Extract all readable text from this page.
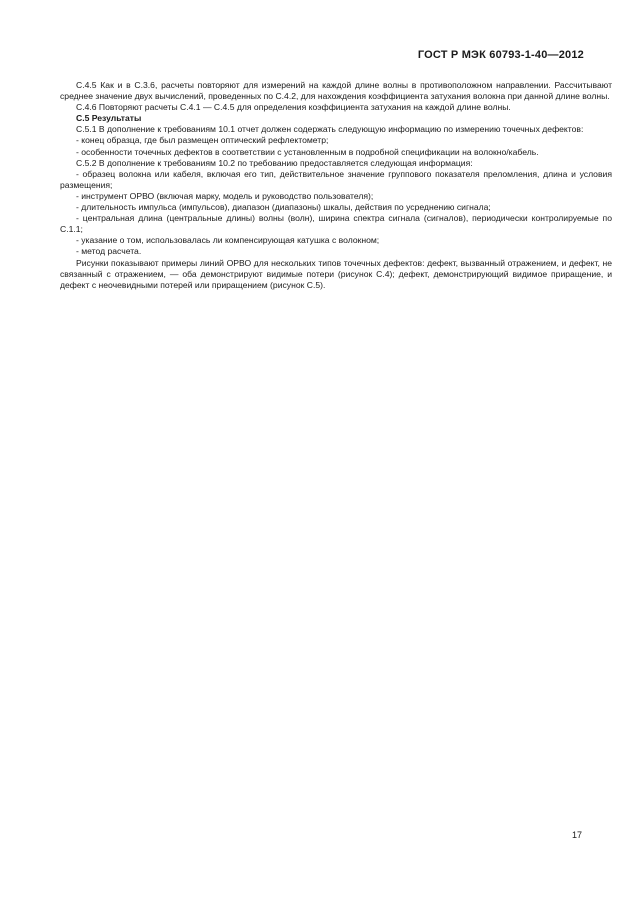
ГОСТ Р МЭК 60793-1-40—2012

С.4.5 Как и в С.3.6, расчеты повторяют для измерений на каждой длине волны в противоположном направлении. Рассчитывают среднее значение двух вычислений, проведенных по С.4.2, для нахождения коэффициента затухания волокна при данной длине волны.

С.4.6 Повторяют расчеты С.4.1 — С.4.5 для определения коэффициента затухания на каждой длине волны.

С.5 Результаты

С.5.1 В дополнение к требованиям 10.1 отчет должен содержать следующую информацию по измерению точечных дефектов:

- конец образца, где был размещен оптический рефлектометр;

- особенности точечных дефектов в соответствии с установленным в подробной спецификации на волокно/кабель.

С.5.2 В дополнение к требованиям 10.2 по требованию предоставляется следующая информация:

- образец волокна или кабеля, включая его тип, действительное значение группового показателя преломления, длина и условия размещения;

- инструмент ОРВО (включая марку, модель и руководство пользователя);

- длительность импульса (импульсов), диапазон (диапазоны) шкалы, действия по усреднению сигнала;

- центральная длина (центральные длины) волны (волн), ширина спектра сигнала (сигналов), периодически контролируемые по С.1.1;

- указание о том, использовалась ли компенсирующая катушка с волокном;

- метод расчета.

Рисунки показывают примеры линий ОРВО для нескольких типов точечных дефектов: дефект, вызванный отражением, и дефект, не связанный с отражением, — оба демонстрируют видимые потери (рисунок С.4); дефект, демонстрирующий видимое приращение, и дефект с неочевидными потерей или приращением (рисунок С.5).

17
